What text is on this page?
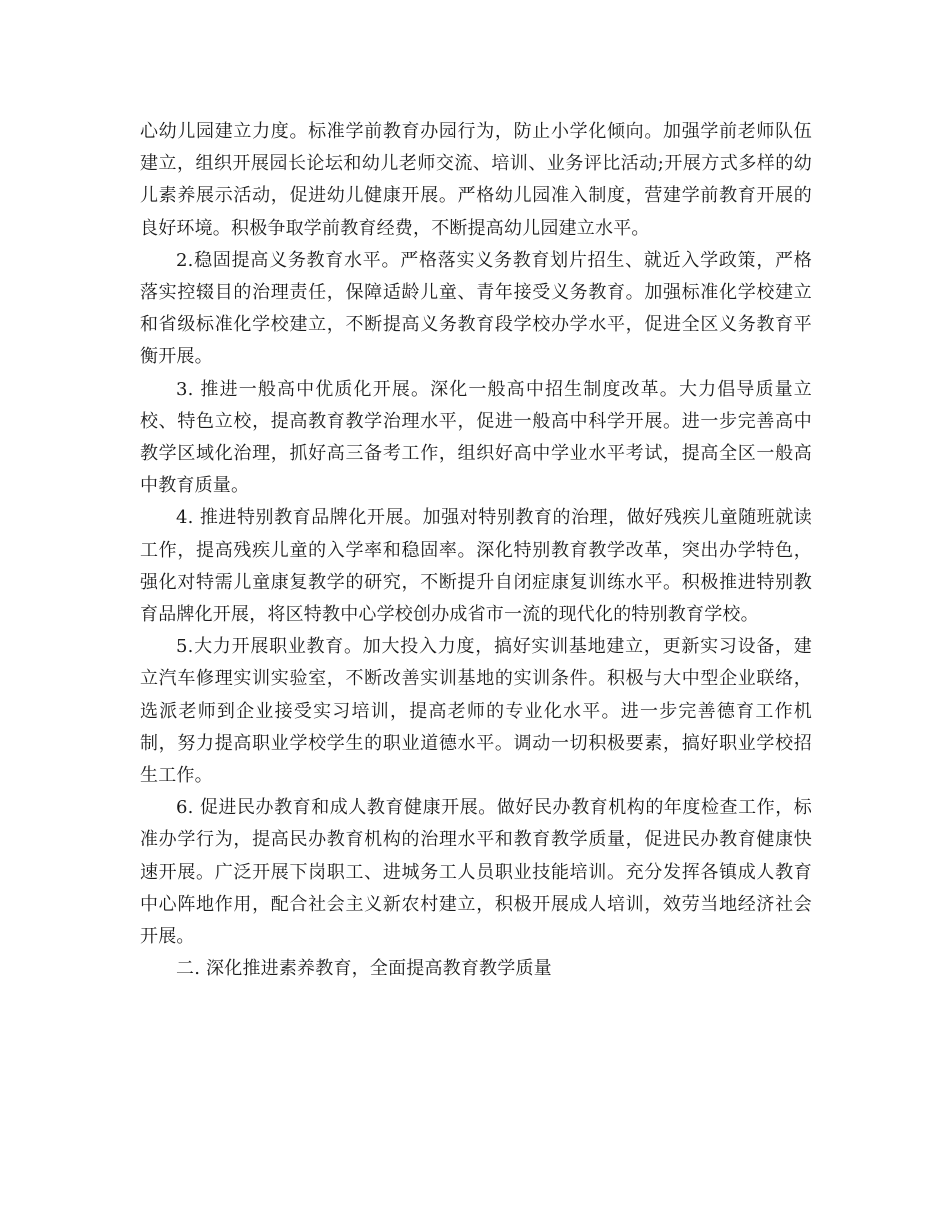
心幼儿园建立力度。标准学前教育办园行为，防止小学化倾向。加强学前老师队伍建立，组织开展园长论坛和幼儿老师交流、培训、业务评比活动;开展方式多样的幼儿素养展示活动，促进幼儿健康开展。严格幼儿园准入制度，营建学前教育开展的良好环境。积极争取学前教育经费，不断提高幼儿园建立水平。

2.稳固提高义务教育水平。严格落实义务教育划片招生、就近入学政策，严格落实控辍目的治理责任，保障适龄儿童、青年接受义务教育。加强标准化学校建立和省级标准化学校建立，不断提高义务教育段学校办学水平，促进全区义务教育平衡开展。

3. 推进一般高中优质化开展。深化一般高中招生制度改革。大力倡导质量立校、特色立校，提高教育教学治理水平，促进一般高中科学开展。进一步完善高中教学区域化治理，抓好高三备考工作，组织好高中学业水平考试，提高全区一般高中教育质量。

4. 推进特别教育品牌化开展。加强对特别教育的治理，做好残疾儿童随班就读工作，提高残疾儿童的入学率和稳固率。深化特别教育教学改革，突出办学特色，强化对特需儿童康复教学的研究，不断提升自闭症康复训练水平。积极推进特别教育品牌化开展，将区特教中心学校创办成省市一流的现代化的特别教育学校。

5.大力开展职业教育。加大投入力度，搞好实训基地建立，更新实习设备，建立汽车修理实训实验室，不断改善实训基地的实训条件。积极与大中型企业联络，选派老师到企业接受实习培训，提高老师的专业化水平。进一步完善德育工作机制，努力提高职业学校学生的职业道德水平。调动一切积极要素，搞好职业学校招生工作。

6. 促进民办教育和成人教育健康开展。做好民办教育机构的年度检查工作，标准办学行为，提高民办教育机构的治理水平和教育教学质量，促进民办教育健康快速开展。广泛开展下岗职工、进城务工人员职业技能培训。充分发挥各镇成人教育中心阵地作用，配合社会主义新农村建立，积极开展成人培训，效劳当地经济社会开展。

二. 深化推进素养教育，全面提高教育教学质量
